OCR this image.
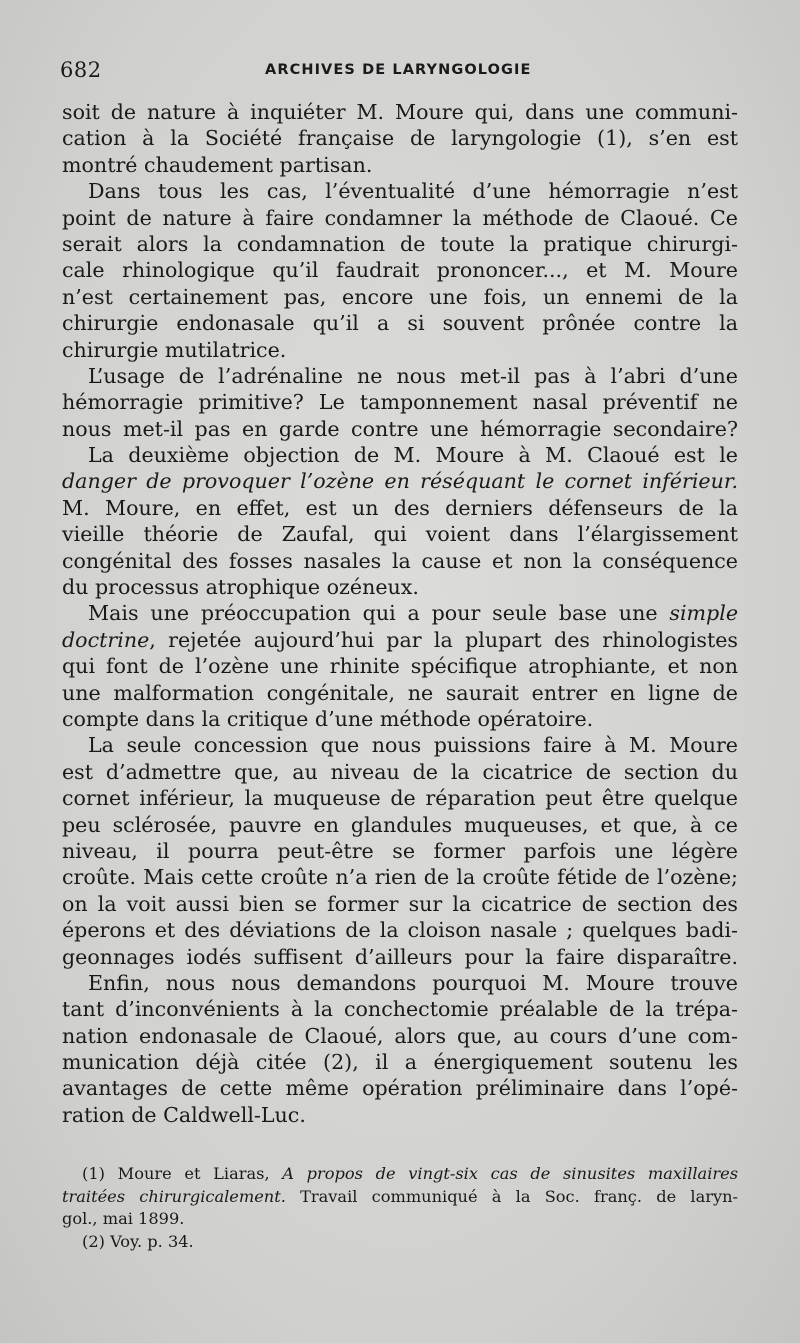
682	ARCHIVES DE LARYNGOLOGIE
soit de nature à inquiéter M. Moure qui, dans une communi-
cation à la Société française de laryngologie (1), s’en est
montré chaudement partisan.
Dans tous les cas, l’éventualité d’une hémorragie n’est
point de nature à faire condamner la méthode de Claoué. Ce
serait alors la condamnation de toute la pratique chirurgi-
cale rhinologique qu’il faudrait prononcer..., et M. Moure
n’est certainement pas, encore une fois, un ennemi de la
chirurgie endonasale qu’il a si souvent prônée contre la
chirurgie mutilatrice.
L’usage de l’adrénaline ne nous met-il pas à l’abri d’une
hémorragie primitive? Le tamponnement nasal préventif ne
nous met-il pas en garde contre une hémorragie secondaire?
La deuxième objection de M. Moure à M. Claoué est le
danger de provoquer l’ozène en réséquant le cornet inférieur.
M. Moure, en effet, est un des derniers défenseurs de la
vieille théorie de Zaufal, qui voient dans l’élargissement
congénital des fosses nasales la cause et non la conséquence
du processus atrophique ozéneux.
Mais une préoccupation qui a pour seule base une simple
doctrine, rejetée aujourd’hui par la plupart des rhinologistes
qui font de l’ozène une rhinite spécifique atrophiante, et non
une malformation congénitale, ne saurait entrer en ligne de
compte dans la critique d’une méthode opératoire.
La seule concession que nous puissions faire à M. Moure
est d’admettre que, au niveau de la cicatrice de section du
cornet inférieur, la muqueuse de réparation peut être quelque
peu sclérosée, pauvre en glandules muqueuses, et que, à ce
niveau, il pourra peut-être se former parfois une légère
croûte. Mais cette croûte n’a rien de la croûte fétide de l’ozène;
on la voit aussi bien se former sur la cicatrice de section des
éperons et des déviations de la cloison nasale ; quelques badi-
geonnages iodés suffisent d’ailleurs pour la faire disparaître.
Enfin, nous nous demandons pourquoi M. Moure trouve
tant d’inconvénients à la conchectomie préalable de la trépa-
nation endonasale de Claoué, alors que, au cours d’une com-
munication déjà citée (2), il a énergiquement soutenu les
avantages de cette même opération préliminaire dans l’opé-
ration de Caldwell-Luc.
(1) Moure et Liaras, A propos de vingt-six cas de sinusites maxillaires
traitées chirurgicalement. Travail communiqué à la Soc. franç. de laryn-
gol., mai 1899.
(2) Voy. p. 34.
